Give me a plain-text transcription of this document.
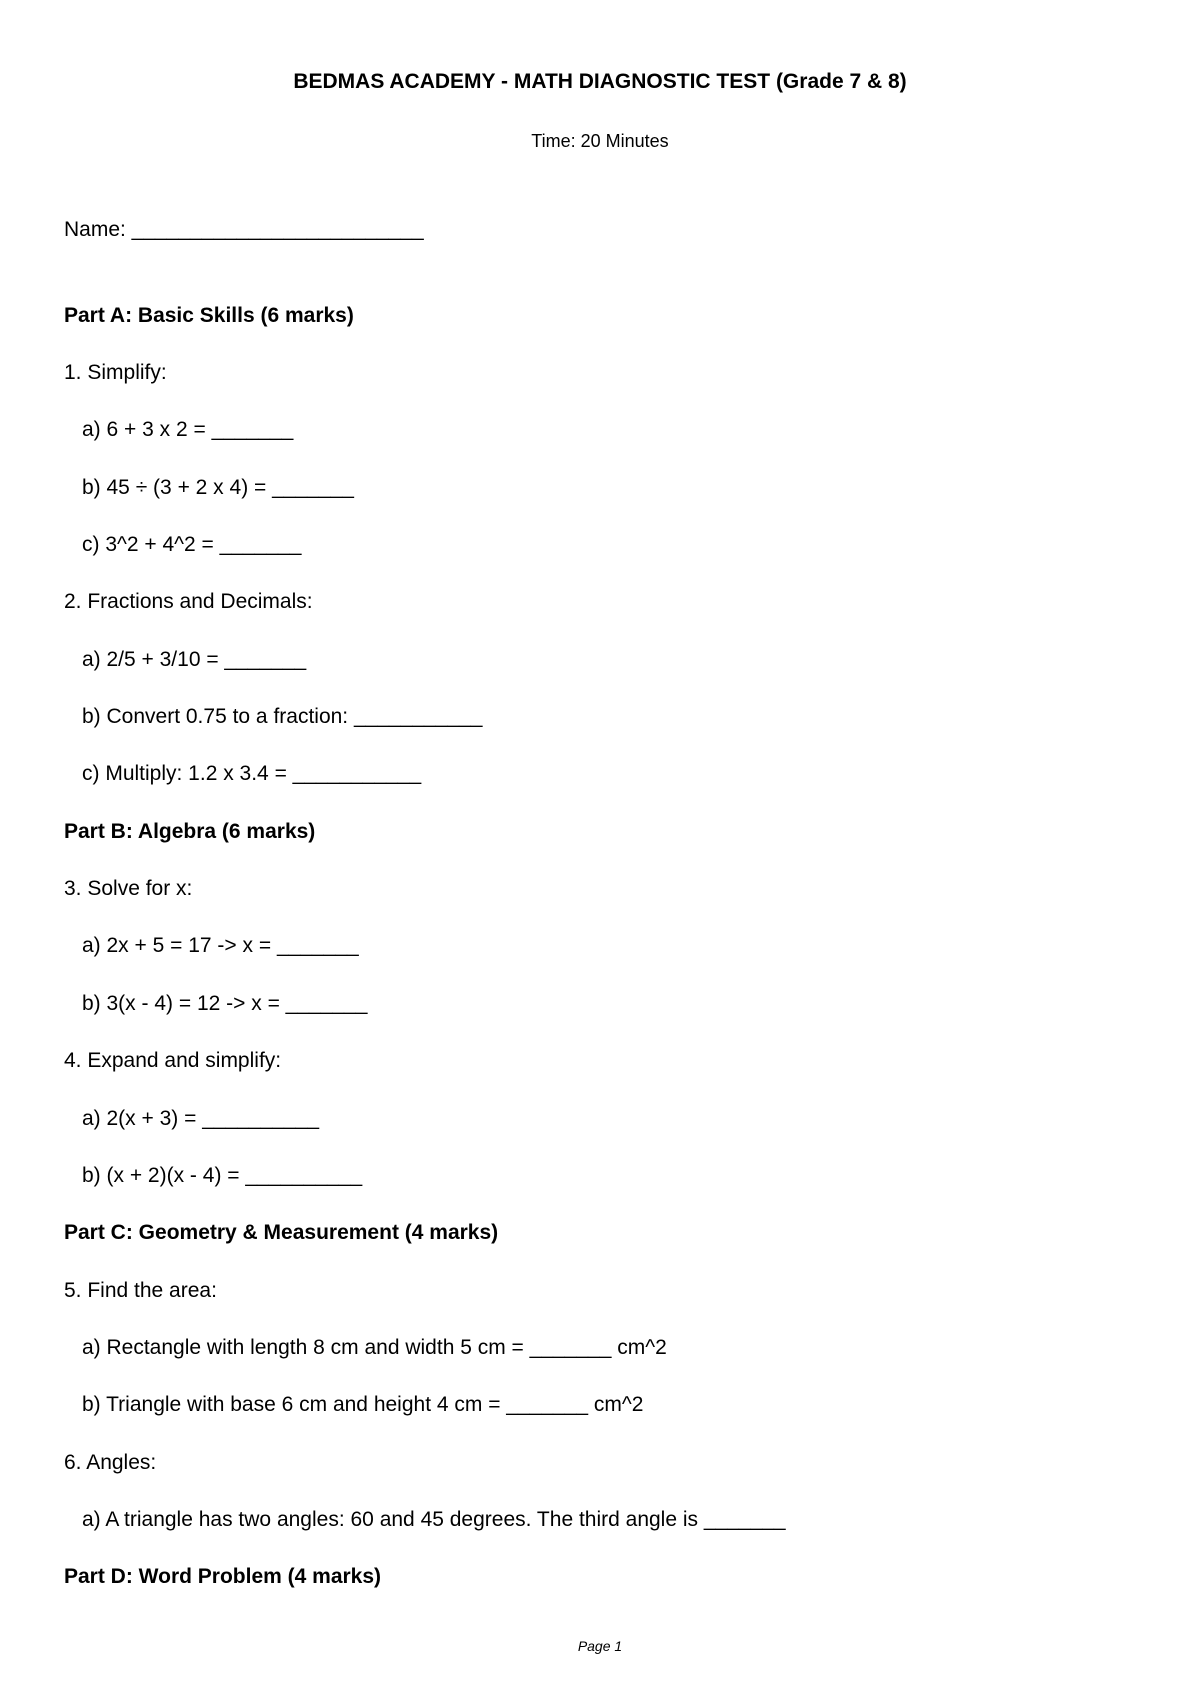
BEDMAS ACADEMY - MATH DIAGNOSTIC TEST (Grade 7 & 8)
Time: 20 Minutes
Name: _________________________
Part A: Basic Skills (6 marks)
1. Simplify:
a) 6 + 3 x 2 = _______
b) 45 ÷ (3 + 2 x 4) = _______
c) 3^2 + 4^2 = _______
2. Fractions and Decimals:
a) 2/5 + 3/10 = _______
b) Convert 0.75 to a fraction: ___________
c) Multiply: 1.2 x 3.4 = ___________
Part B: Algebra (6 marks)
3. Solve for x:
a) 2x + 5 = 17 -> x = _______
b) 3(x - 4) = 12 -> x = _______
4. Expand and simplify:
a) 2(x + 3) = __________
b) (x + 2)(x - 4) = __________
Part C: Geometry & Measurement (4 marks)
5. Find the area:
a) Rectangle with length 8 cm and width 5 cm = _______ cm^2
b) Triangle with base 6 cm and height 4 cm = _______ cm^2
6. Angles:
a) A triangle has two angles: 60 and 45 degrees. The third angle is _______
Part D: Word Problem (4 marks)
Page 1
